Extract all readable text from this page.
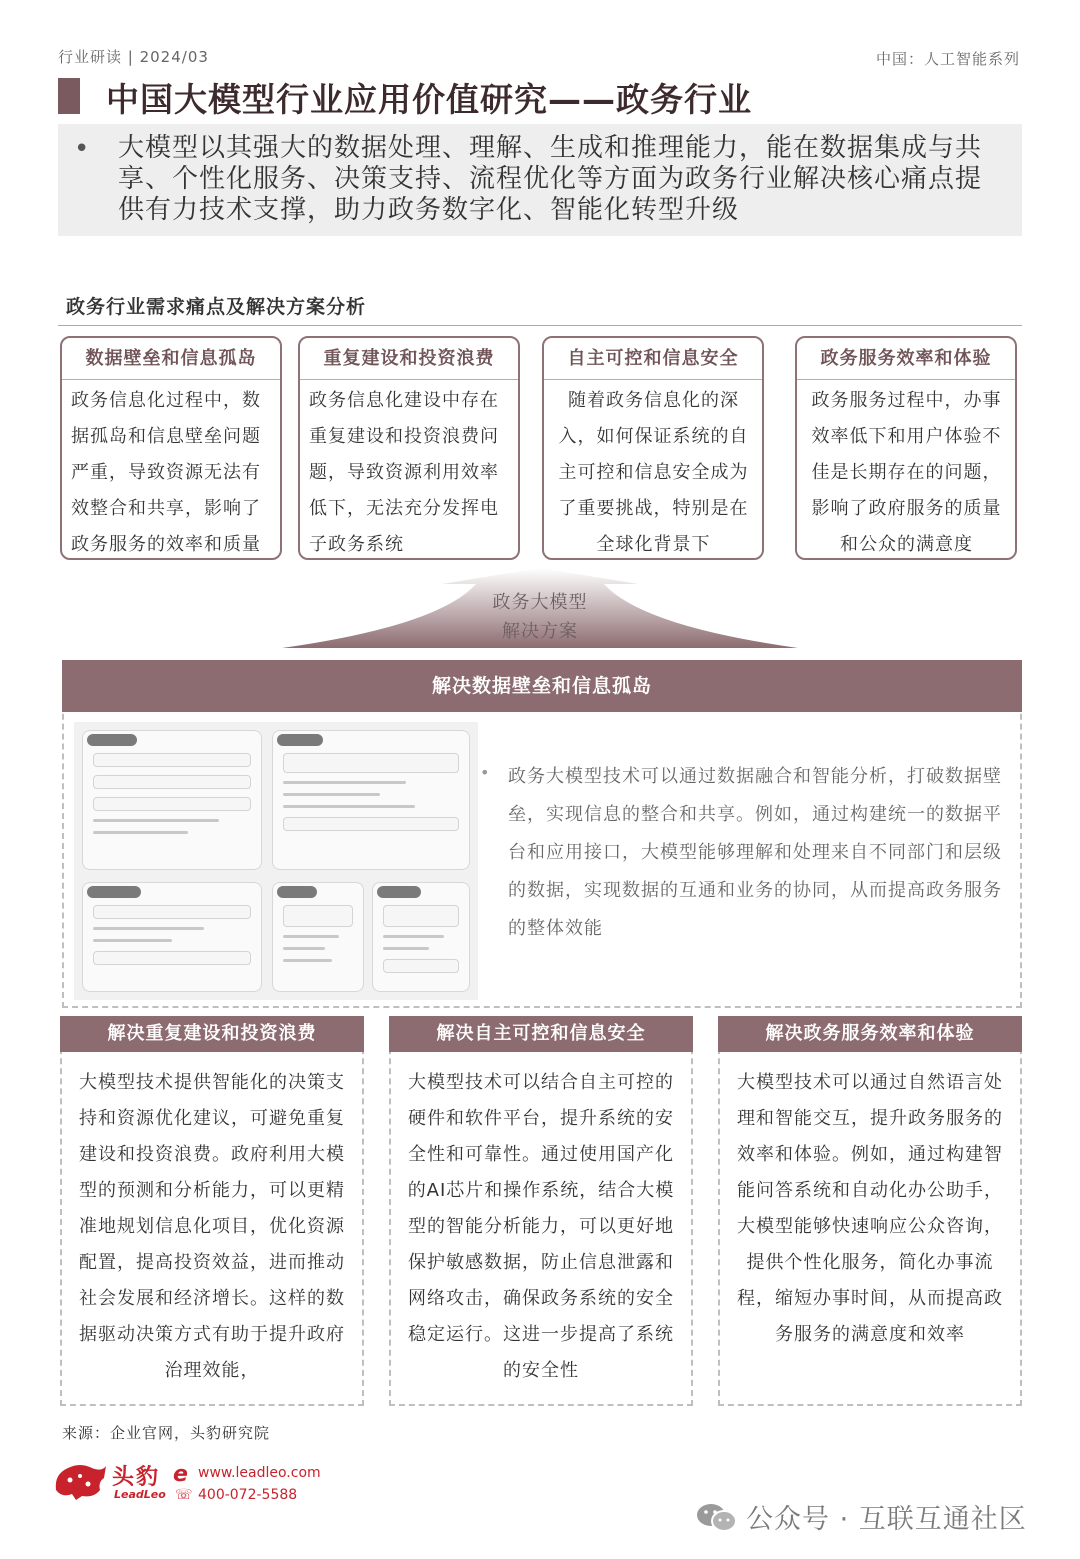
行业研读 | 2024/03	中国：人工智能系列
中国大模型行业应用价值研究——政务行业
• 大模型以其强大的数据处理、理解、生成和推理能力，能在数据集成与共享、个性化服务、决策支持、流程优化等方面为政务行业解决核心痛点提供有力技术支撑，助力政务数字化、智能化转型升级
政务行业需求痛点及解决方案分析
数据壁垒和信息孤岛
政务信息化过程中，数据孤岛和信息壁垒问题严重，导致资源无法有效整合和共享，影响了政务服务的效率和质量
重复建设和投资浪费
政务信息化建设中存在重复建设和投资浪费问题，导致资源利用效率低下，无法充分发挥电子政务系统
自主可控和信息安全
随着政务信息化的深入，如何保证系统的自主可控和信息安全成为了重要挑战，特别是在全球化背景下
政务服务效率和体验
政务服务过程中，办事效率低下和用户体验不佳是长期存在的问题，影响了政府服务的质量和公众的满意度
政务大模型
解决方案
解决数据壁垒和信息孤岛
• 政务大模型技术可以通过数据融合和智能分析，打破数据壁垒，实现信息的整合和共享。例如，通过构建统一的数据平台和应用接口，大模型能够理解和处理来自不同部门和层级的数据，实现数据的互通和业务的协同，从而提高政务服务的整体效能
解决重复建设和投资浪费
大模型技术提供智能化的决策支持和资源优化建议，可避免重复建设和投资浪费。政府利用大模型的预测和分析能力，可以更精准地规划信息化项目，优化资源配置，提高投资效益，进而推动社会发展和经济增长。这样的数据驱动决策方式有助于提升政府治理效能，
解决自主可控和信息安全
大模型技术可以结合自主可控的硬件和软件平台，提升系统的安全性和可靠性。通过使用国产化的AI芯片和操作系统，结合大模型的智能分析能力，可以更好地保护敏感数据，防止信息泄露和网络攻击，确保政务系统的安全稳定运行。这进一步提高了系统的安全性
解决政务服务效率和体验
大模型技术可以通过自然语言处理和智能交互，提升政务服务的效率和体验。例如，通过构建智能问答系统和自动化办公助手，大模型能够快速响应公众咨询，提供个性化服务，简化办事流程，缩短办事时间，从而提高政务服务的满意度和效率
来源：企业官网，头豹研究院
头豹
LeadLeo
e www.leadleo.com
☏ 400-072-5588
公众号 · 互联互通社区
